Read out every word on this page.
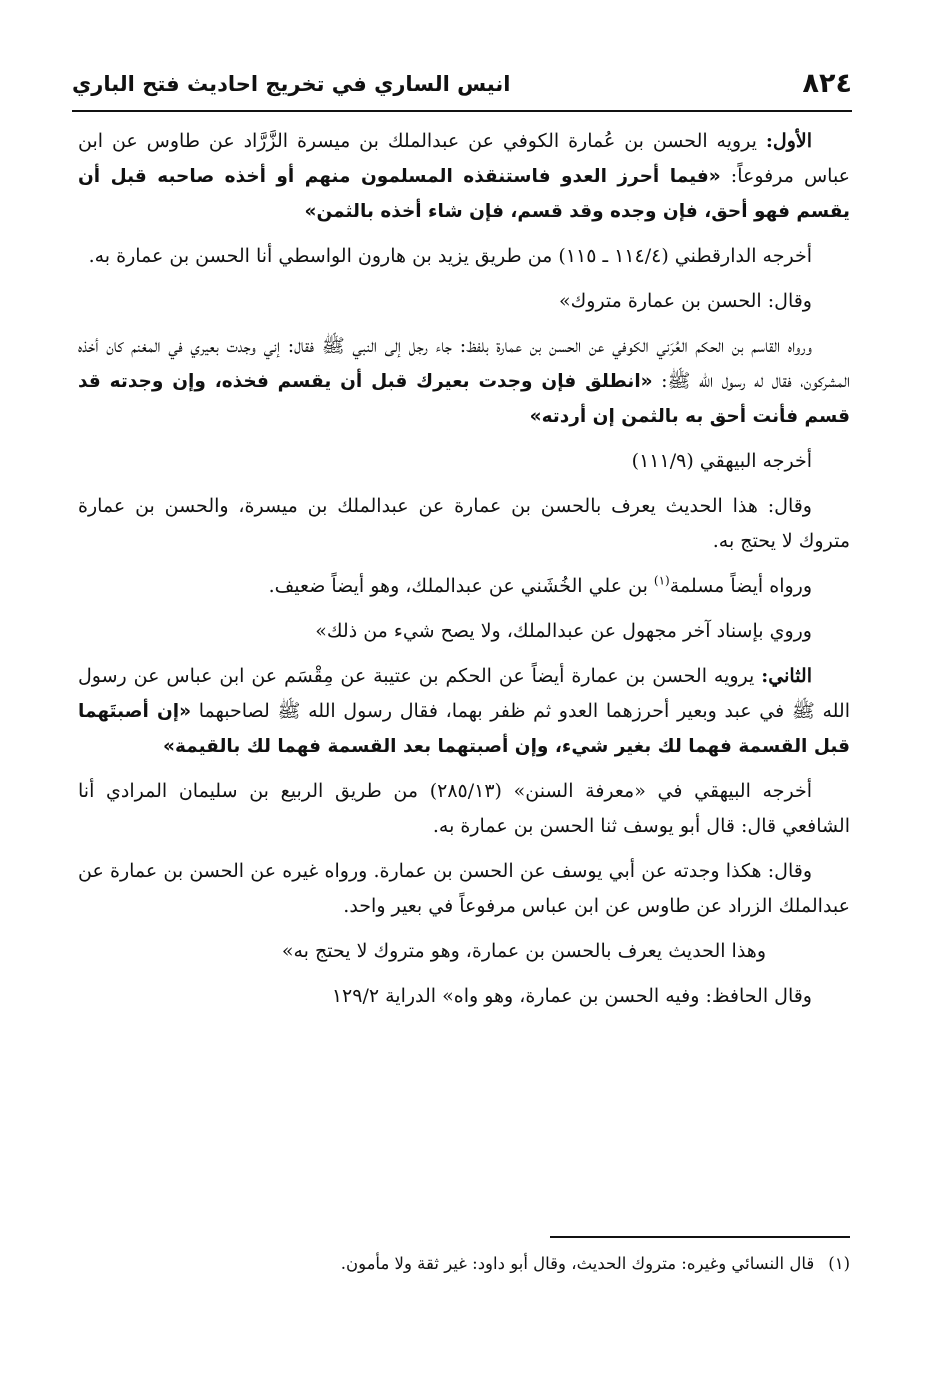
٨٢٤
انيس الساري في تخريج احاديث فتح الباري

الأول: يرويه الحسن بن عُمارة الكوفي عن عبدالملك بن ميسرة الزَّرَّاد عن طاوس عن ابن عباس مرفوعاً: «فيما أحرز العدو فاستنقذه المسلمون منهم أو أخذه صاحبه قبل أن يقسم فهو أحق، فإن وجده وقد قسم، فإن شاء أخذه بالثمن»

أخرجه الدارقطني (١١٤/٤ ـ ١١٥) من طريق يزيد بن هارون الواسطي أنا الحسن بن عمارة به.

وقال: الحسن بن عمارة متروك»

ورواه القاسم بن الحكم العُرَني الكوفي عن الحسن بن عمارة بلفظ: جاء رجل إلى النبي ﷺ فقال: إني وجدت بعيري في المغنم كان أخذه المشركون، فقال له رسول الله ﷺ: «انطلق فإن وجدت بعيرك قبل أن يقسم فخذه، وإن وجدته قد قسم فأنت أحق به بالثمن إن أردته»

أخرجه البيهقي (١١١/٩)

وقال: هذا الحديث يعرف بالحسن بن عمارة عن عبدالملك بن ميسرة، والحسن بن عمارة متروك لا يحتج به.

ورواه أيضاً مسلمة$^{(١)}$ بن علي الخُشَني عن عبدالملك، وهو أيضاً ضعيف.

وروي بإسناد آخر مجهول عن عبدالملك، ولا يصح شيء من ذلك»

الثاني: يرويه الحسن بن عمارة أيضاً عن الحكم بن عتيبة عن مِقْسَم عن ابن عباس عن رسول الله ﷺ في عبد وبعير أحرزهما العدو ثم ظفر بهما، فقال رسول الله ﷺ لصاحبهما «إن أصبتَهما قبل القسمة فهما لك بغير شيء، وإن أصبتهما بعد القسمة فهما لك بالقيمة»

أخرجه البيهقي في «معرفة السنن» (٢٨٥/١٣) من طريق الربيع بن سليمان المرادي أنا الشافعي قال: قال أبو يوسف ثنا الحسن بن عمارة به.

وقال: هكذا وجدته عن أبي يوسف عن الحسن بن عمارة. ورواه غيره عن الحسن بن عمارة عن عبدالملك الزراد عن طاوس عن ابن عباس مرفوعاً في بعير واحد.

وهذا الحديث يعرف بالحسن بن عمارة، وهو متروك لا يحتج به»

وقال الحافظ: وفيه الحسن بن عمارة، وهو واه» الدراية ١٢٩/٢

(١)قال النسائي وغيره: متروك الحديث، وقال أبو داود: غير ثقة ولا مأمون.
